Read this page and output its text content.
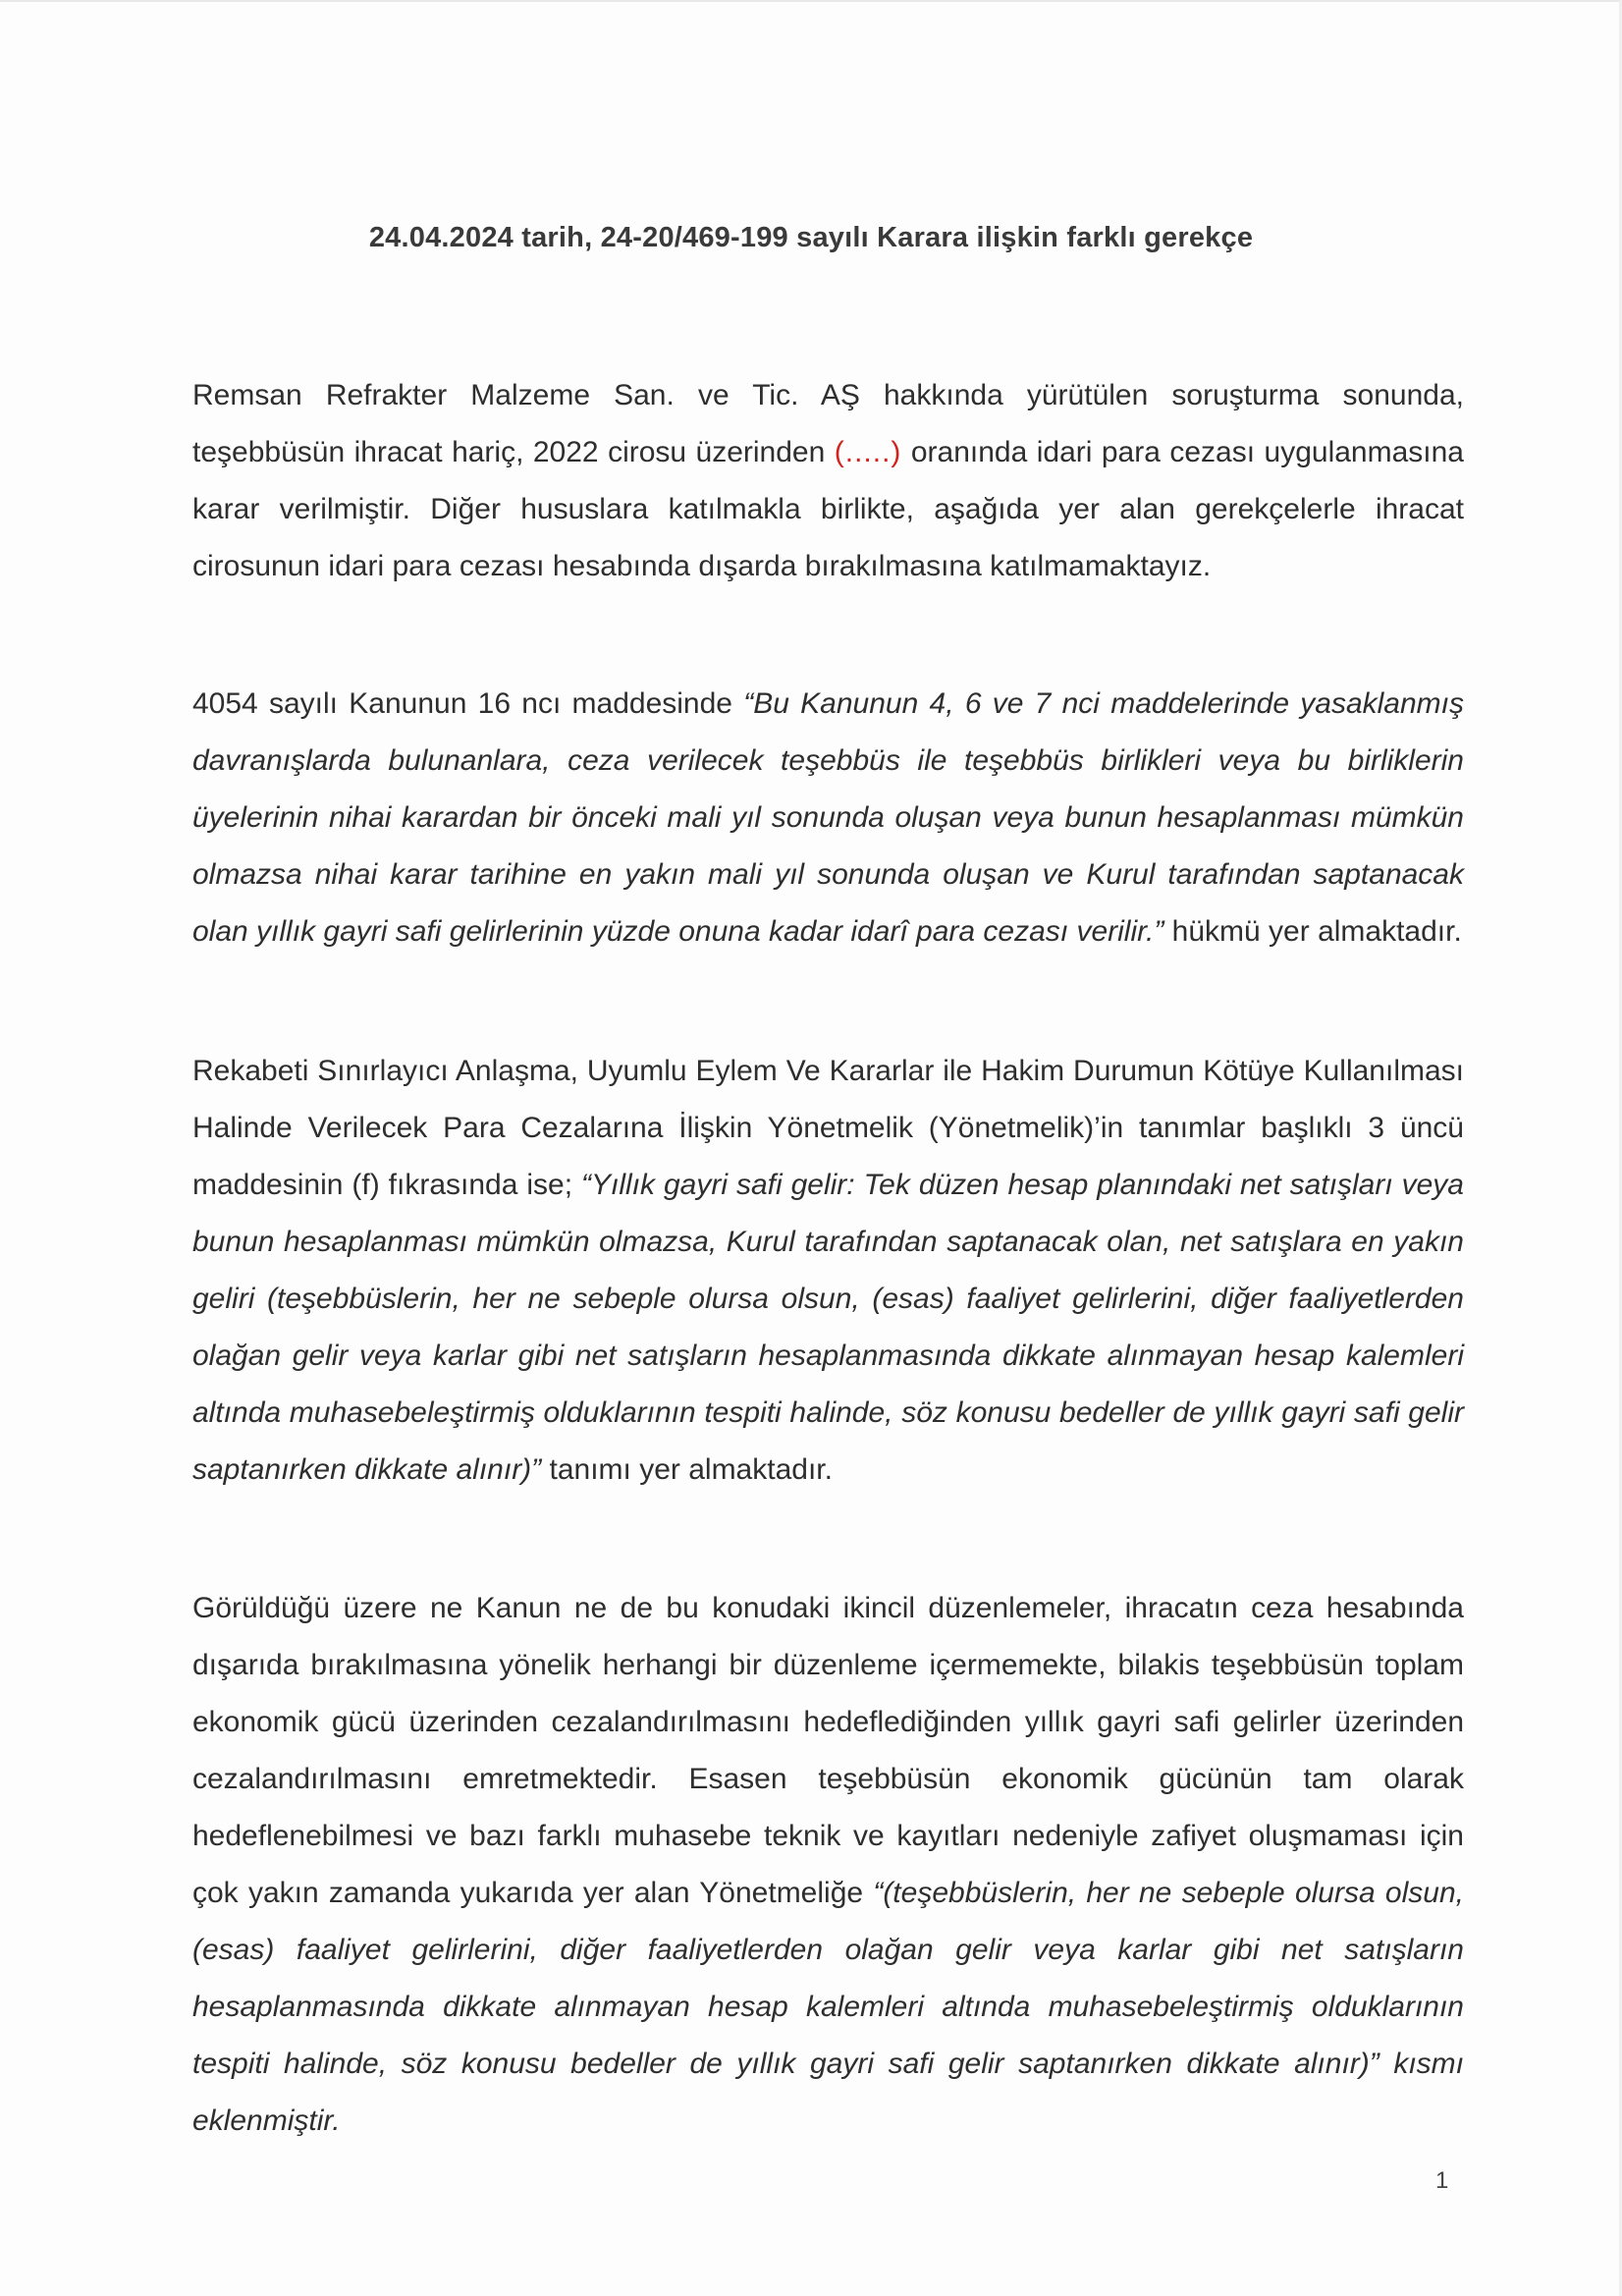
24.04.2024 tarih, 24-20/469-199 sayılı Karara ilişkin farklı gerekçe
Remsan Refrakter Malzeme San. ve Tic. AŞ hakkında yürütülen soruşturma sonunda, teşebbüsün ihracat hariç, 2022 cirosu üzerinden (.....) oranında idari para cezası uygulanmasına karar verilmiştir. Diğer hususlara katılmakla birlikte, aşağıda yer alan gerekçelerle ihracat cirosunun idari para cezası hesabında dışarda bırakılmasına katılmamaktayız.
4054 sayılı Kanunun 16 ncı maddesinde “Bu Kanunun 4, 6 ve 7 nci maddelerinde yasaklanmış davranışlarda bulunanlara, ceza verilecek teşebbüs ile teşebbüs birlikleri veya bu birliklerin üyelerinin nihai karardan bir önceki mali yıl sonunda oluşan veya bunun hesaplanması mümkün olmazsa nihai karar tarihine en yakın mali yıl sonunda oluşan ve Kurul tarafından saptanacak olan yıllık gayri safi gelirlerinin yüzde onuna kadar idarî para cezası verilir.” hükmü yer almaktadır.
Rekabeti Sınırlayıcı Anlaşma, Uyumlu Eylem Ve Kararlar ile Hakim Durumun Kötüye Kullanılması Halinde Verilecek Para Cezalarına İlişkin Yönetmelik (Yönetmelik)’in tanımlar başlıklı 3 üncü maddesinin (f) fıkrasında ise; “Yıllık gayri safi gelir: Tek düzen hesap planındaki net satışları veya bunun hesaplanması mümkün olmazsa, Kurul tarafından saptanacak olan, net satışlara en yakın geliri (teşebbüslerin, her ne sebeple olursa olsun, (esas) faaliyet gelirlerini, diğer faaliyetlerden olağan gelir veya karlar gibi net satışların hesaplanmasında dikkate alınmayan hesap kalemleri altında muhasebeleştirmiş olduklarının tespiti halinde, söz konusu bedeller de yıllık gayri safi gelir saptanırken dikkate alınır)” tanımı yer almaktadır.
Görüldüğü üzere ne Kanun ne de bu konudaki ikincil düzenlemeler, ihracatın ceza hesabında dışarıda bırakılmasına yönelik herhangi bir düzenleme içermemekte, bilakis teşebbüsün toplam ekonomik gücü üzerinden cezalandırılmasını hedeflediğinden yıllık gayri safi gelirler üzerinden cezalandırılmasını emretmektedir. Esasen teşebbüsün ekonomik gücünün tam olarak hedeflenebilmesi ve bazı farklı muhasebe teknik ve kayıtları nedeniyle zafiyet oluşmaması için çok yakın zamanda yukarıda yer alan Yönetmeliğe “(teşebbüslerin, her ne sebeple olursa olsun, (esas) faaliyet gelirlerini, diğer faaliyetlerden olağan gelir veya karlar gibi net satışların hesaplanmasında dikkate alınmayan hesap kalemleri altında muhasebeleştirmiş olduklarının tespiti halinde, söz konusu bedeller de yıllık gayri safi gelir saptanırken dikkate alınır)” kısmı eklenmiştir.
1
